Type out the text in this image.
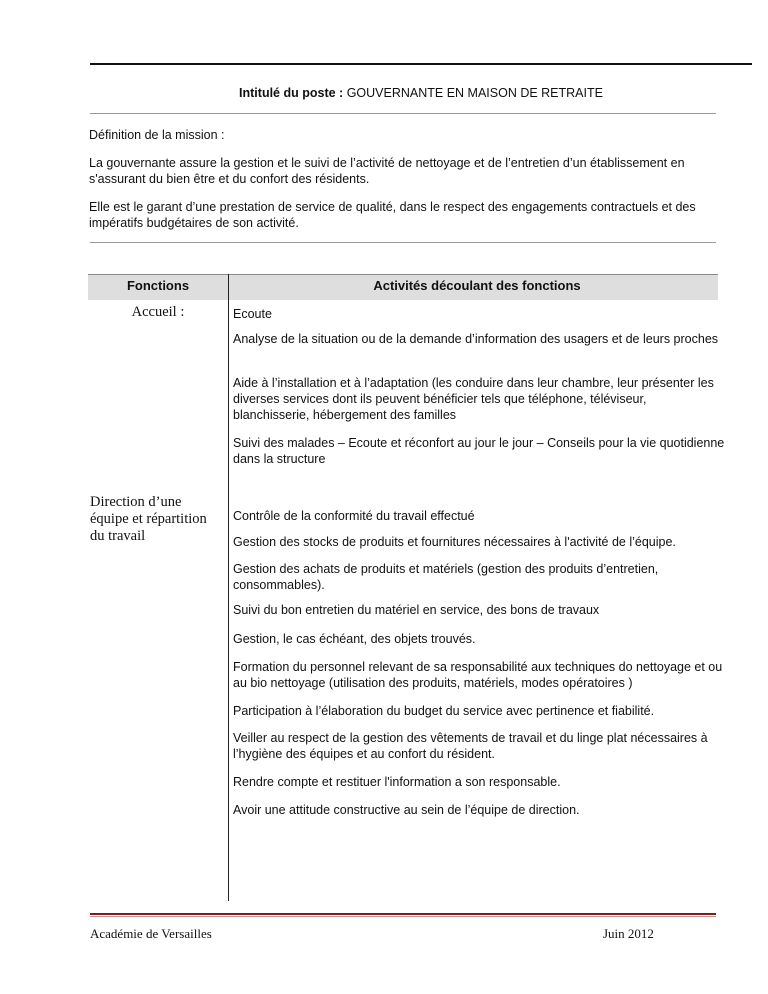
Intitulé du poste : GOUVERNANTE EN MAISON DE RETRAITE

Définition de la mission :

La gouvernante assure la gestion et le suivi de l’activité de nettoyage et de l’entretien d’un établissement en s'assurant du bien être et du confort des résidents.

Elle est le garant d’une prestation de service de qualité, dans le respect des engagements contractuels et des impératifs budgétaires de son activité.

Fonctions	Activités découlant des fonctions
Accueil :
Direction d’une équipe et répartition du travail

Ecoute

Analyse de la situation ou de la demande d’information des usagers et de leurs proches

Aide à l’installation et à l’adaptation (les conduire dans leur chambre, leur présenter les diverses services dont ils peuvent bénéficier tels que téléphone, téléviseur, blanchisserie, hébergement des familles

Suivi des malades – Ecoute et réconfort au jour le jour – Conseils pour la vie quotidienne dans la structure

Contrôle de la conformité du travail effectué

Gestion des stocks de produits et fournitures nécessaires à l'activité de l’équipe.

Gestion des achats de produits et matériels (gestion des produits d’entretien, consommables).

Suivi du bon entretien du matériel en service, des bons de travaux

Gestion, le cas échéant, des objets trouvés.

Formation du personnel relevant de sa responsabilité aux techniques do nettoyage et ou au bio nettoyage (utilisation des produits, matériels, modes opératoires )

Participation à l’élaboration du budget du service avec pertinence et fiabilité.

Veiller au respect de la gestion des vêtements de travail et du linge plat nécessaires à l’hygiène des équipes et au confort du résident.

Rendre compte et restituer l'information a son responsable.

Avoir une attitude constructive au sein de l’équipe de direction.

Académie de Versailles	Juin 2012
